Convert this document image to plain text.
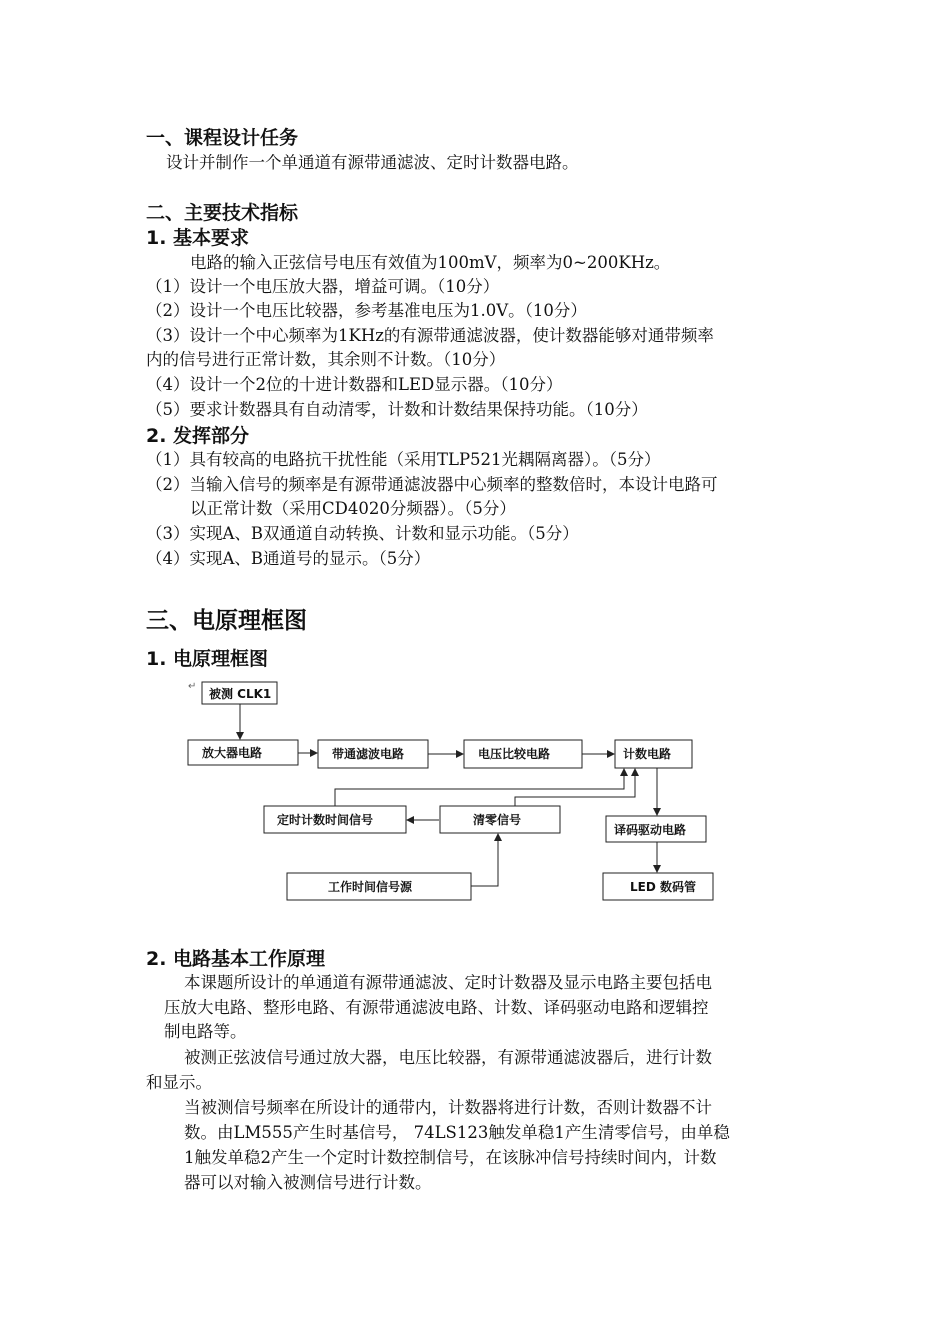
一、课程设计任务
设计并制作一个单通道有源带通滤波、定时计数器电路。
二、主要技术指标
1. 基本要求
电路的输入正弦信号电压有效值为100mV，频率为0~200KHz。
（1）设计一个电压放大器，增益可调。（10分）
（2）设计一个电压比较器，参考基准电压为1.0V。（10分）
（3）设计一个中心频率为1KHz的有源带通滤波器，使计数器能够对通带频率
内的信号进行正常计数，其余则不计数。（10分）
（4）设计一个2位的十进计数器和LED显示器。（10分）
（5）要求计数器具有自动清零，计数和计数结果保持功能。（10分）
2. 发挥部分
（1）具有较高的电路抗干扰性能（采用TLP521光耦隔离器）。（5分）
（2）当输入信号的频率是有源带通滤波器中心频率的整数倍时，本设计电路可
以正常计数（采用CD4020分频器）。（5分）
（3）实现A、B双通道自动转换、计数和显示功能。（5分）
（4）实现A、B通道号的显示。（5分）
三、电原理框图
1. 电原理框图
↵
被测 CLK1
放大器电路	带通滤波电路	电压比较电路	计数电路
定时计数时间信号	清零信号
译码驱动电路
工作时间信号源	LED 数码管
2. 电路基本工作原理
本课题所设计的单通道有源带通滤波、定时计数器及显示电路主要包括电
压放大电路、整形电路、有源带通滤波电路、计数、译码驱动电路和逻辑控
制电路等。
被测正弦波信号通过放大器，电压比较器，有源带通滤波器后，进行计数
和显示。
当被测信号频率在所设计的通带内，计数器将进行计数，否则计数器不计
数。由LM555产生时基信号， 74LS123触发单稳1产生清零信号，由单稳
1触发单稳2产生一个定时计数控制信号，在该脉冲信号持续时间内，计数
器可以对输入被测信号进行计数。
